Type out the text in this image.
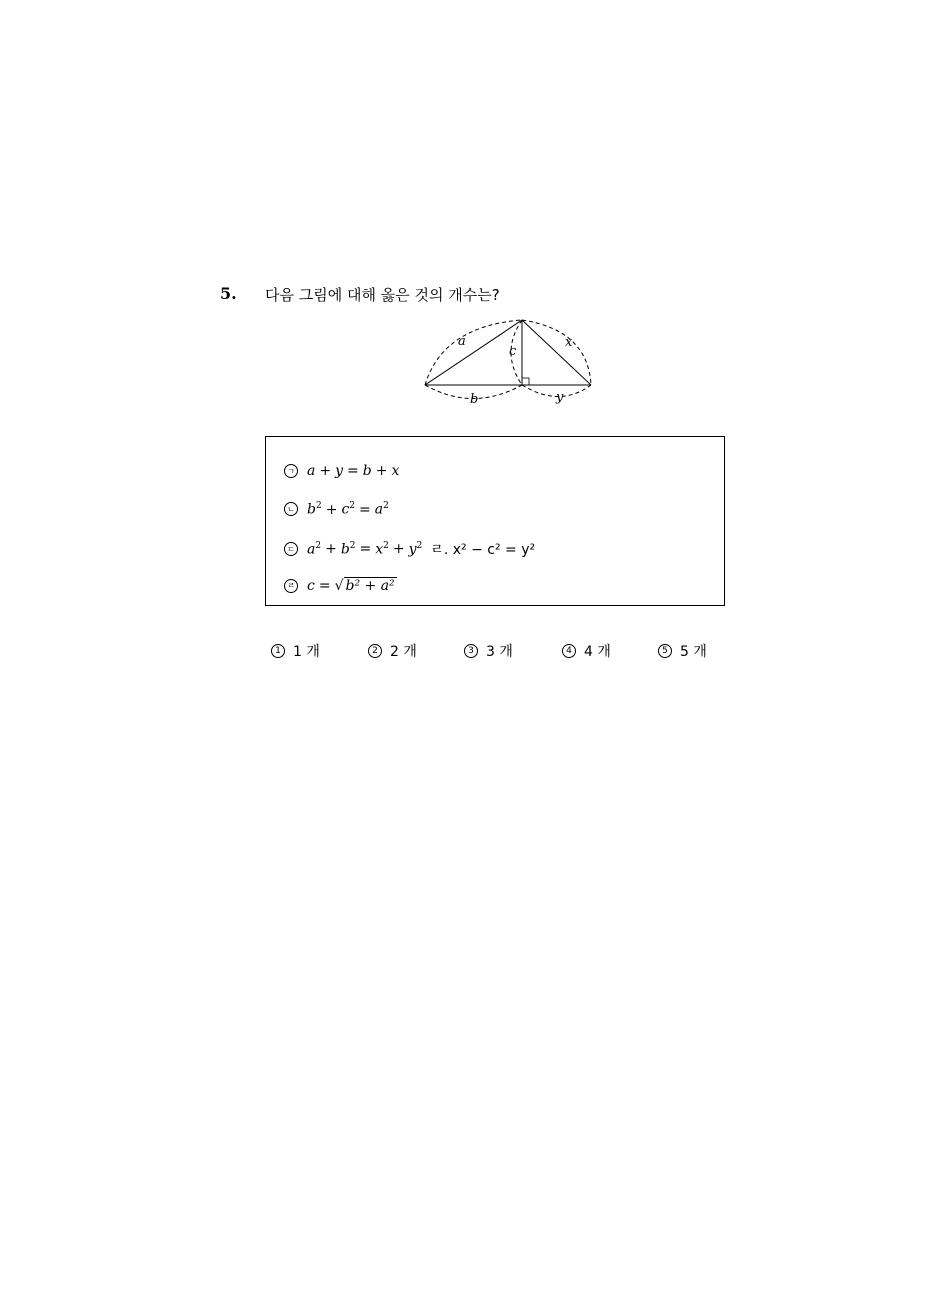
5. 다음 그림에 대해 옳은 것의 개수는?
a
c
x
b	y
ㄱ a + y = b + x
ㄴ $b^2 + c^2 = a^2$
ㄷ $a^2 + b^2 = x^2 + y^2$ ㄹ. x² − c² = y²
ㄹ c = √ b² + a²
1 1 개	2 2 개	3 3 개	4 4 개	5 5 개
